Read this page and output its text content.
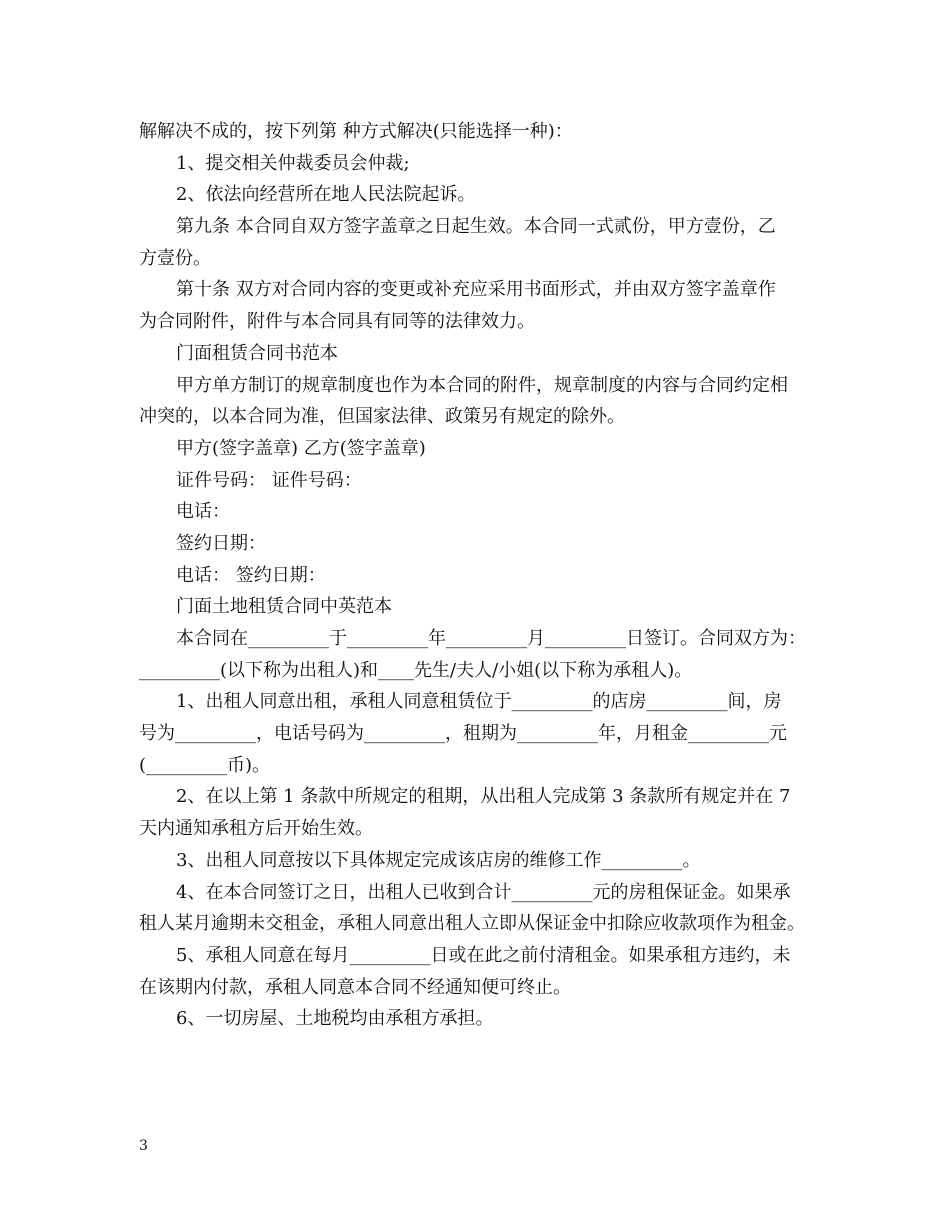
解解决不成的，按下列第 种方式解决(只能选择一种)：
1、提交相关仲裁委员会仲裁;
2、依法向经营所在地人民法院起诉。
第九条 本合同自双方签字盖章之日起生效。本合同一式贰份，甲方壹份，乙
方壹份。
第十条 双方对合同内容的变更或补充应采用书面形式，并由双方签字盖章作
为合同附件，附件与本合同具有同等的法律效力。
门面租赁合同书范本
甲方单方制订的规章制度也作为本合同的附件，规章制度的内容与合同约定相
冲突的，以本合同为准，但国家法律、政策另有规定的除外。
甲方(签字盖章) 乙方(签字盖章)
证件号码： 证件号码：
电话：
签约日期：
电话： 签约日期：
门面土地租赁合同中英范本
本合同在_________于_________年_________月_________日签订。合同双方为：
_________(以下称为出租人)和____先生/夫人/小姐(以下称为承租人)。
1、出租人同意出租，承租人同意租赁位于_________的店房_________间，房
号为_________，电话号码为_________，租期为_________年，月租金_________元
(_________币)。
2、在以上第 1 条款中所规定的租期，从出租人完成第 3 条款所有规定并在 7
天内通知承租方后开始生效。
3、出租人同意按以下具体规定完成该店房的维修工作_________。
4、在本合同签订之日，出租人已收到合计_________元的房租保证金。如果承
租人某月逾期未交租金，承租人同意出租人立即从保证金中扣除应收款项作为租金。
5、承租人同意在每月_________日或在此之前付清租金。如果承租方违约，未
在该期内付款，承租人同意本合同不经通知便可终止。
6、一切房屋、土地税均由承租方承担。
3
